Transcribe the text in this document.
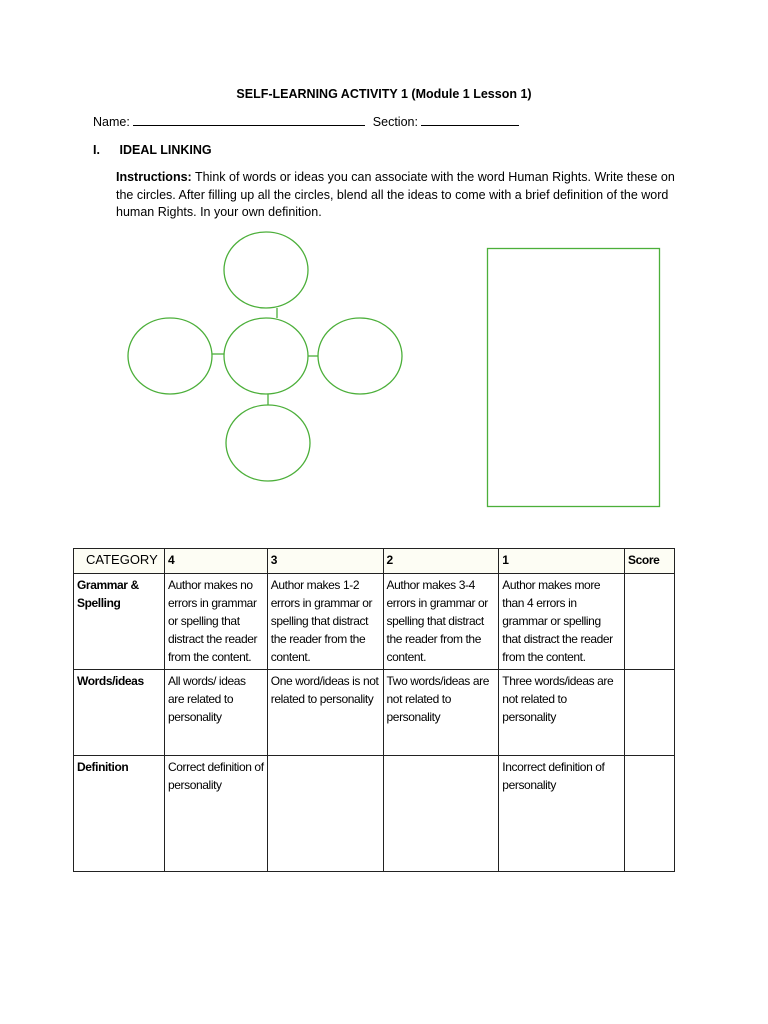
SELF-LEARNING ACTIVITY 1 (Module 1 Lesson 1)
Name:	Section:
I. IDEAL LINKING
Instructions: Think of words or ideas you can associate with the word Human Rights. Write these on the circles. After filling up all the circles, blend all the ideas to come with a brief definition of the word human Rights. In your own definition.
CATEGORY	4	3	2	1	Score
Grammar & Spelling	Author makes no errors in grammar or spelling that distract the reader from the content.	Author makes 1-2 errors in grammar or spelling that distract the reader from the content.	Author makes 3-4 errors in grammar or spelling that distract the reader from the content.	Author makes more than 4 errors in grammar or spelling that distract the reader from the content.	
Words/ideas	All words/ ideas are related to personality	One word/ideas is not related to personality	Two words/ideas are not related to personality	Three words/ideas are not related to personality	
Definition	Correct definition of personality			Incorrect definition of personality	
